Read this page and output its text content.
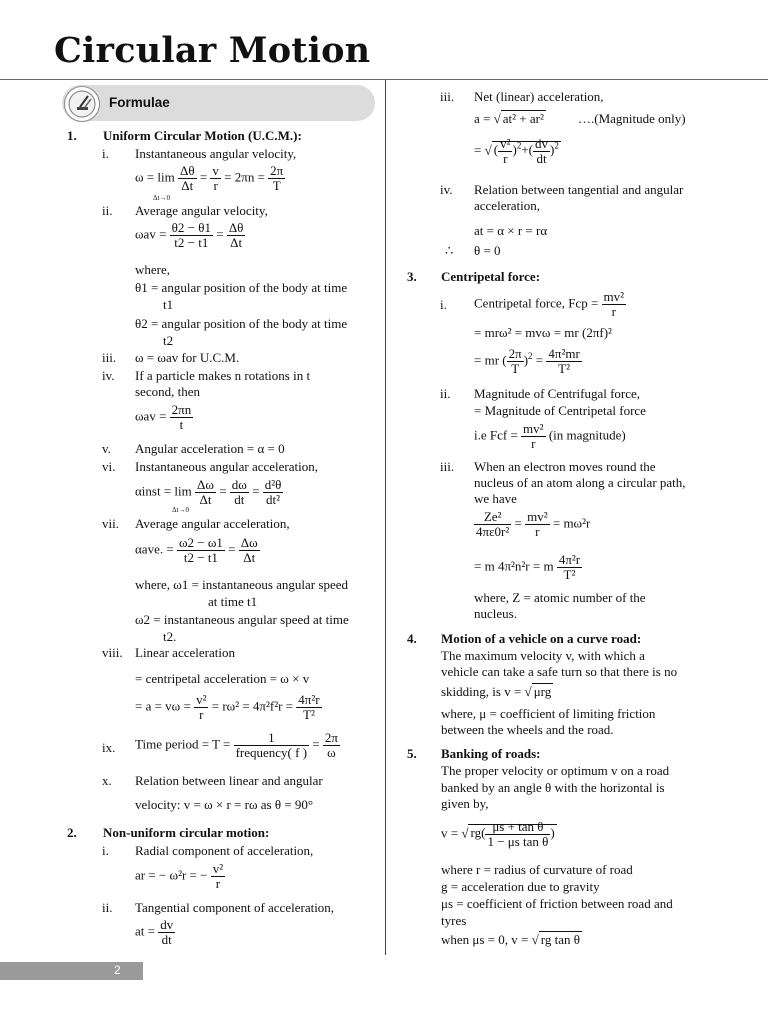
Circular Motion
Formulae
1. Uniform Circular Motion (U.C.M.):
i. Instantaneous angular velocity,
$\omega = \lim \frac{\Delta\theta}{\Delta t} = \frac{v}{r} = 2\pi n = \frac{2\pi}{T}$
Δt→0
ii. Average angular velocity,
$\omega av = \frac{\theta 2 - \theta 1}{t2 - t1} = \frac{\Delta\theta}{\Delta t}$
where,
θ1 = angular position of the body at time
t1
θ2 = angular position of the body at time
t2
iii. ω = ωav for U.C.M.
iv. If a particle makes n rotations in t
second, then
$\omega av = \frac{2\pi n}{t}$
v. Angular acceleration = α = 0
vi. Instantaneous angular acceleration,
αinst = $\lim \frac{\Delta\omega}{\Delta t} = \frac{d\omega}{dt} = \frac{\text{d²θ}}{\text{dt²}}$
Δt→0
vii. Average angular acceleration,
αave. = $\frac{\omega 2 - \omega 1}{t2 - t1} = \frac{\Delta\omega}{\Delta t}$
where, ω1 = instantaneous angular speed
at time t1
ω2 = instantaneous angular speed at time
t2.
viii. Linear acceleration
= centripetal acceleration = ω × v
= $a = v\omega = \frac{\text{v²}}{r} = r\omega^2 = 4\pi^2f^2r = \frac{\text{4π²r}}{\text{T²}}$
ix. Time period = $T = \frac{1}{\text{frequency( f )}} = \frac{2\pi}{\omega}$
x. Relation between linear and angular
velocity: v = ω × r = rω as θ = 90°
2. Non-uniform circular motion:
i. Radial component of acceleration,
ar = − ω²r = − $\frac{\text{v²}}{r}$
ii. Tangential component of acceleration,
at = $\frac{dv}{dt}$
iii. Net (linear) acceleration,
a = √ at² + ar²	….(Magnitude only)
= √ ( $\frac{\text{v²}}{r} )^2+( \frac{dv}{dt} )^2$
iv. Relation between tangential and angular
acceleration,
at = α × r = rα
∴ θ = 0
3. Centripetal force:
i. Centripetal force, Fcp = $\frac{\text{mv²}}{r}$
= mrω² = mvω = mr (2πf)²
= mr ( $\frac{2\pi}{T} )^2 = \frac{\text{4π²mr}}{\text{T²}}$
ii. Magnitude of Centrifugal force,
= Magnitude of Centripetal force
i.e Fcf = $\frac{\text{mv²}}{r} (in$ magnitude)
iii. When an electron moves round the
nucleus of an atom along a circular path,
we have
$\frac{\text{Ze²}}{\text{4πε0r²}} = \frac{\text{mv²}}{r} = m\omega^2r$
= m 4π²n²r = m $\frac{\text{4π²r}}{\text{T²}}$
where, Z = atomic number of the
nucleus.
4. Motion of a vehicle on a curve road:
The maximum velocity v, with which a
vehicle can take a safe turn so that there is no
skidding, is v = √ μrg
where, μ = coefficient of limiting friction
between the wheels and the road.
5. Banking of roads:
The proper velocity or optimum v on a road
banked by an angle θ with the horizontal is
given by,
v = √ $rg( \frac{\text{μs + tan θ}}{\text{1 − μs tan θ}}$ )
where r = radius of curvature of road
g = acceleration due to gravity
μs = coefficient of friction between road and
tyres
when μs = 0, v = √ rg tan θ
2
